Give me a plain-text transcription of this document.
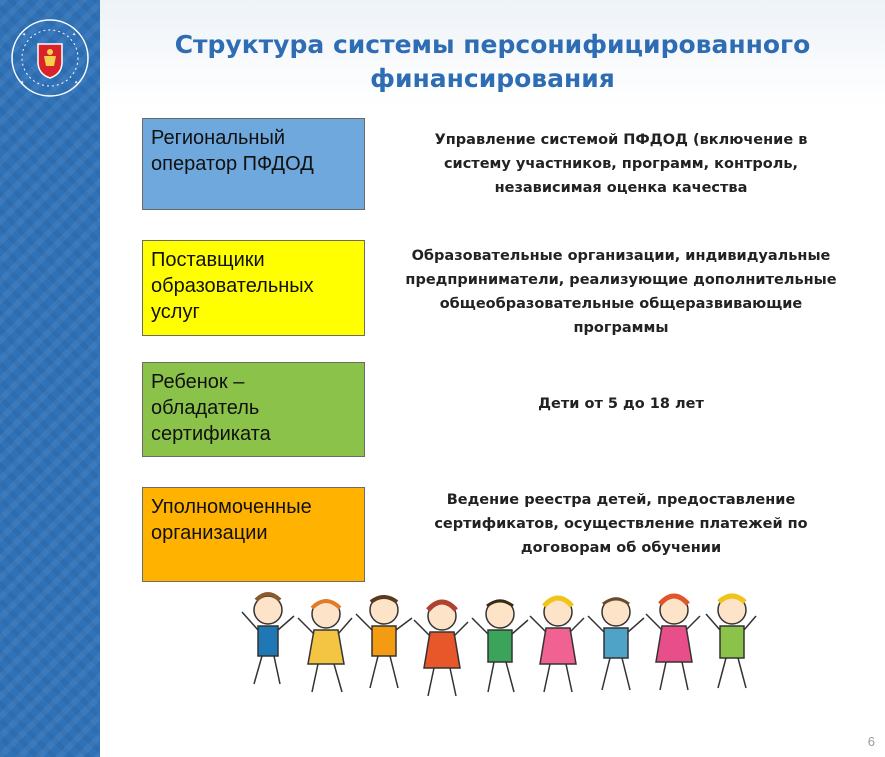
✦	✦
✦	✦
Структура системы персонифицированного
финансирования
Региональный
оператор ПФДОД
Управление системой ПФДОД (включение в
систему участников, программ, контроль,
независимая оценка качества
Поставщики
образовательных
услуг
Образовательные организации, индивидуальные
предприниматели, реализующие дополнительные
общеобразовательные общеразвивающие
программы
Ребенок –
обладатель
сертификата
Дети от 5 до 18 лет
Уполномоченные
организации
Ведение реестра детей, предоставление
сертификатов, осуществление платежей по
договорам об обучении
6
